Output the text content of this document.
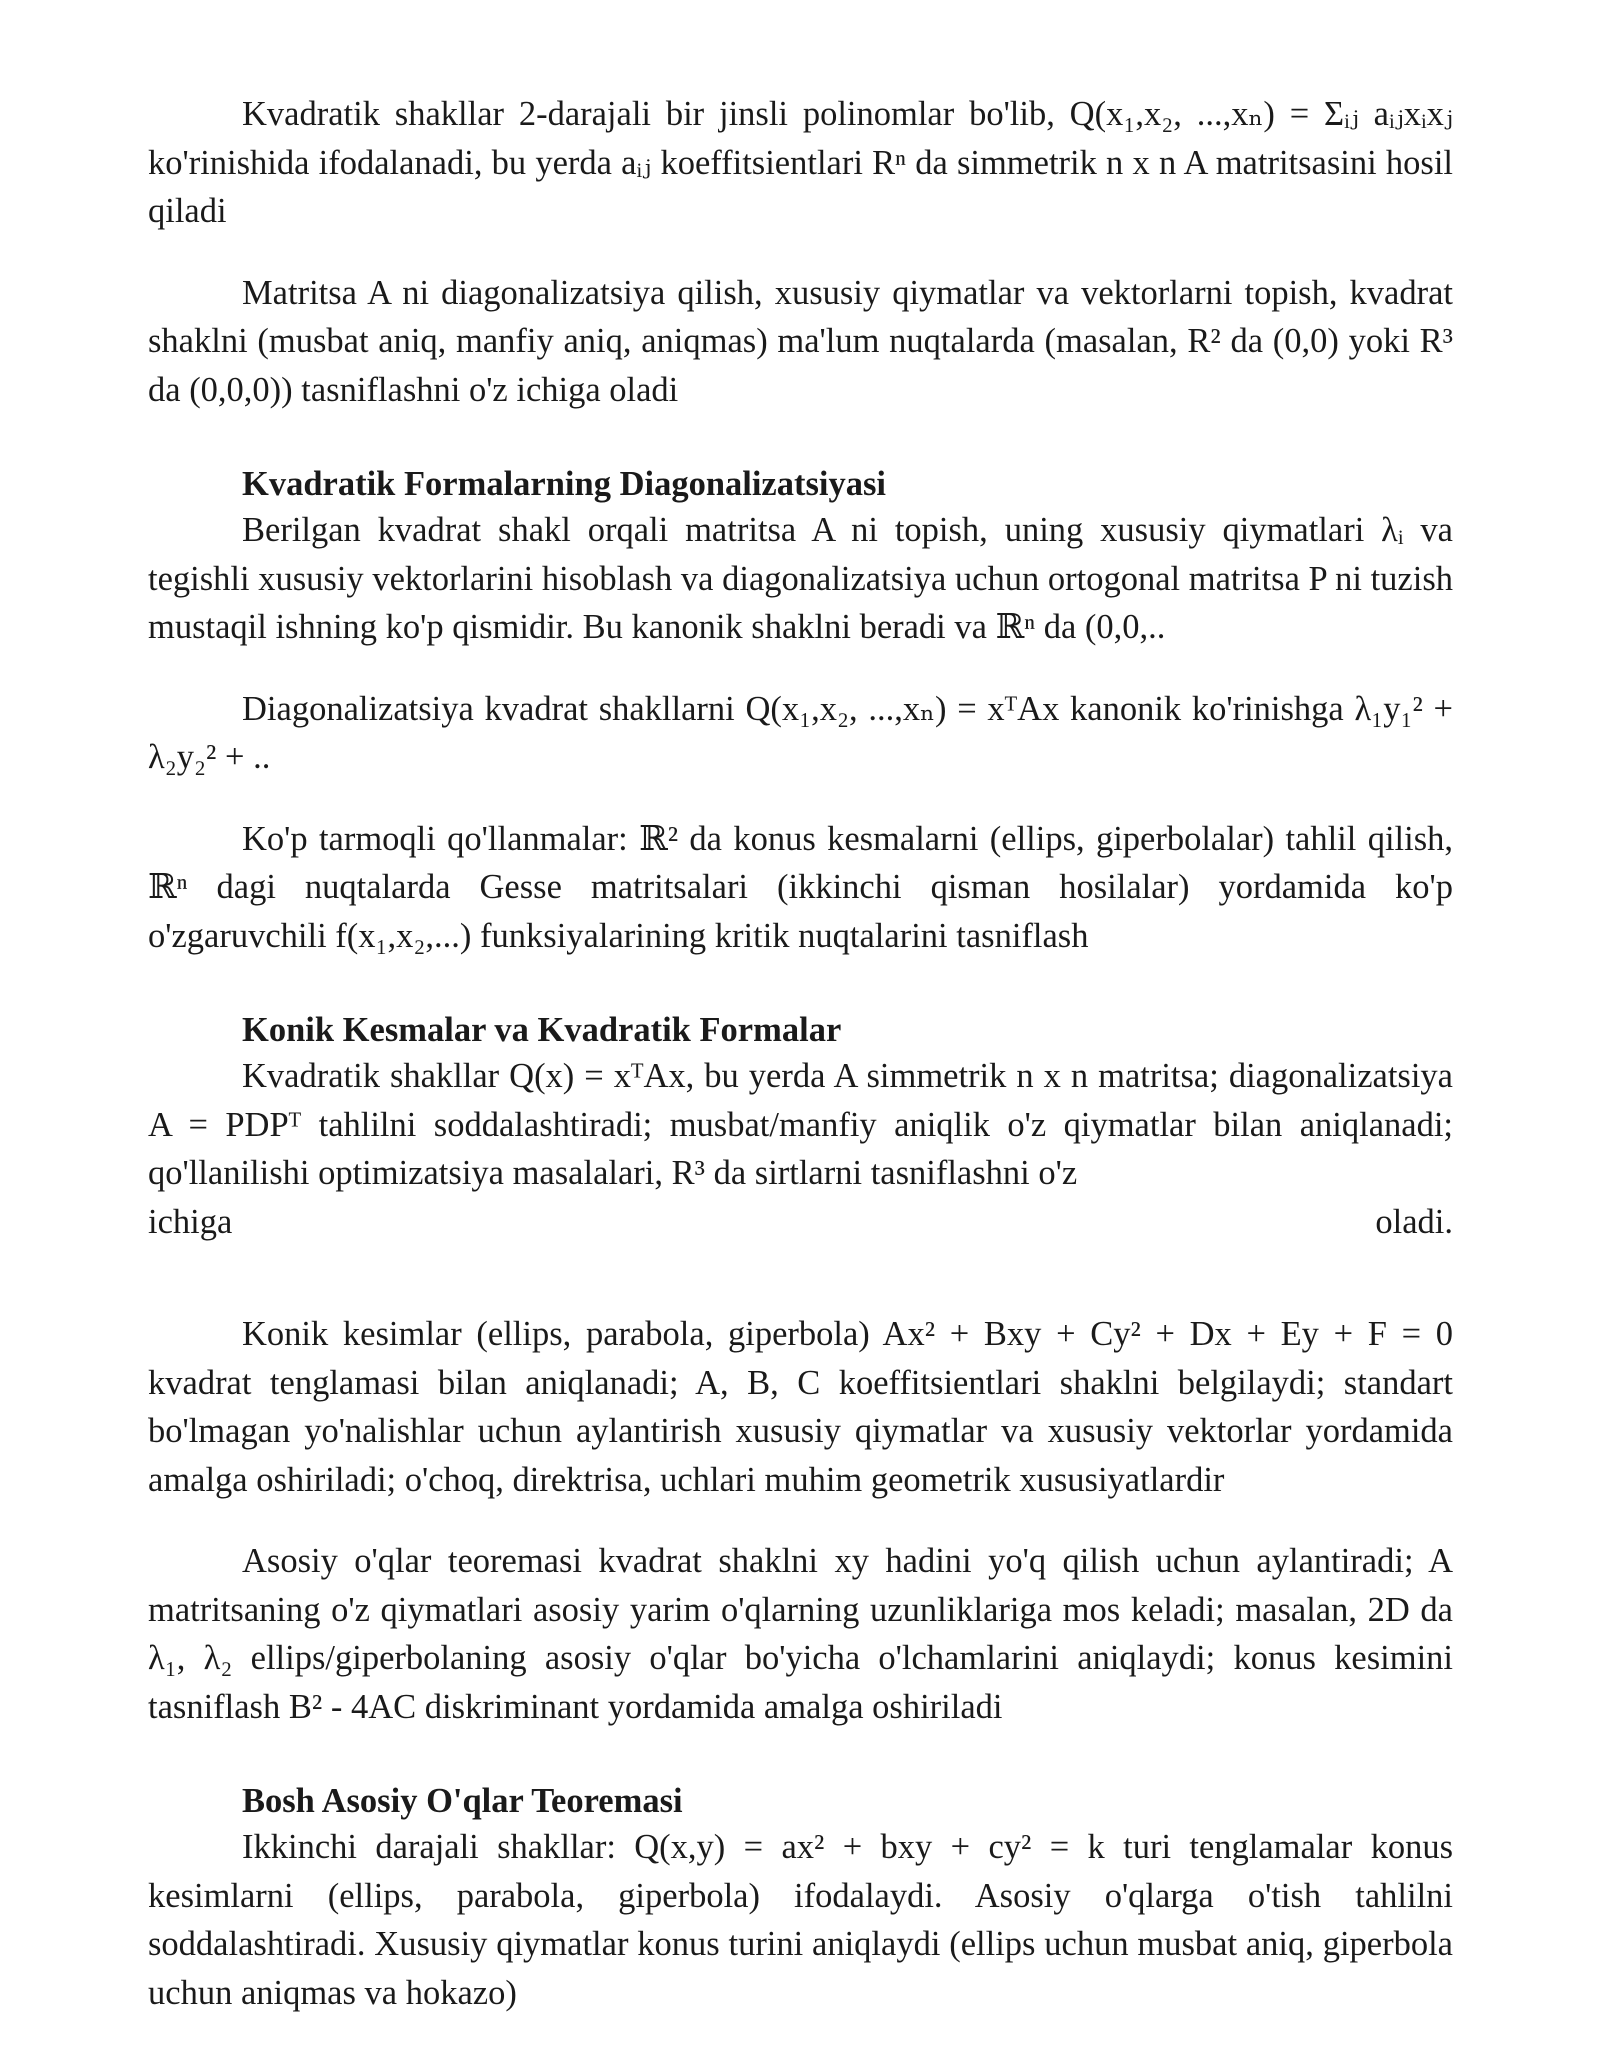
Kvadratik shakllar 2-darajali bir jinsli polinomlar bo'lib, Q(x₁,x₂, ...,xₙ) = Σᵢⱼ aᵢⱼxᵢxⱼ ko'rinishida ifodalanadi, bu yerda aᵢⱼ koeffitsientlari Rⁿ da simmetrik n x n A matritsasini hosil qiladi

Matritsa A ni diagonalizatsiya qilish, xususiy qiymatlar va vektorlarni topish, kvadrat shaklni (musbat aniq, manfiy aniq, aniqmas) ma'lum nuqtalarda (masalan, R² da (0,0) yoki R³ da (0,0,0)) tasniflashni o'z ichiga oladi

Kvadratik Formalarning Diagonalizatsiyasi

Berilgan kvadrat shakl orqali matritsa A ni topish, uning xususiy qiymatlari λᵢ va tegishli xususiy vektorlarini hisoblash va diagonalizatsiya uchun ortogonal matritsa P ni tuzish mustaqil ishning ko'p qismidir. Bu kanonik shaklni beradi va ℝⁿ da (0,0,..

Diagonalizatsiya kvadrat shakllarni Q(x₁,x₂, ...,xₙ) = xᵀAx kanonik ko'rinishga λ₁y₁² + λ₂y₂² + ..

Ko'p tarmoqli qo'llanmalar: ℝ² da konus kesmalarni (ellips, giperbolalar) tahlil qilish, ℝⁿ dagi nuqtalarda Gesse matritsalari (ikkinchi qisman hosilalar) yordamida ko'p o'zgaruvchili f(x₁,x₂,...) funksiyalarining kritik nuqtalarini tasniflash

Konik Kesmalar va Kvadratik Formalar

Kvadratik shakllar Q(x) = xᵀAx, bu yerda A simmetrik n x n matritsa; diagonalizatsiya A = PDPᵀ tahlilni soddalashtiradi; musbat/manfiy aniqlik o'z qiymatlar bilan aniqlanadi; qo'llanilishi optimizatsiya masalalari, R³ da sirtlarni tasniflashni o'z

ichiga	oladi.

Konik kesimlar (ellips, parabola, giperbola) Ax² + Bxy + Cy² + Dx + Ey + F = 0 kvadrat tenglamasi bilan aniqlanadi; A, B, C koeffitsientlari shaklni belgilaydi; standart bo'lmagan yo'nalishlar uchun aylantirish xususiy qiymatlar va xususiy vektorlar yordamida amalga oshiriladi; o'choq, direktrisa, uchlari muhim geometrik xususiyatlardir

Asosiy o'qlar teoremasi kvadrat shaklni xy hadini yo'q qilish uchun aylantiradi; A matritsaning o'z qiymatlari asosiy yarim o'qlarning uzunliklariga mos keladi; masalan, 2D da λ₁, λ₂ ellips/giperbolaning asosiy o'qlar bo'yicha o'lchamlarini aniqlaydi; konus kesimini tasniflash B² - 4AC diskriminant yordamida amalga oshiriladi

Bosh Asosiy O'qlar Teoremasi

Ikkinchi darajali shakllar: Q(x,y) = ax² + bxy + cy² = k turi tenglamalar konus kesimlarni (ellips, parabola, giperbola) ifodalaydi. Asosiy o'qlarga o'tish tahlilni soddalashtiradi. Xususiy qiymatlar konus turini aniqlaydi (ellips uchun musbat aniq, giperbola uchun aniqmas va hokazo)
